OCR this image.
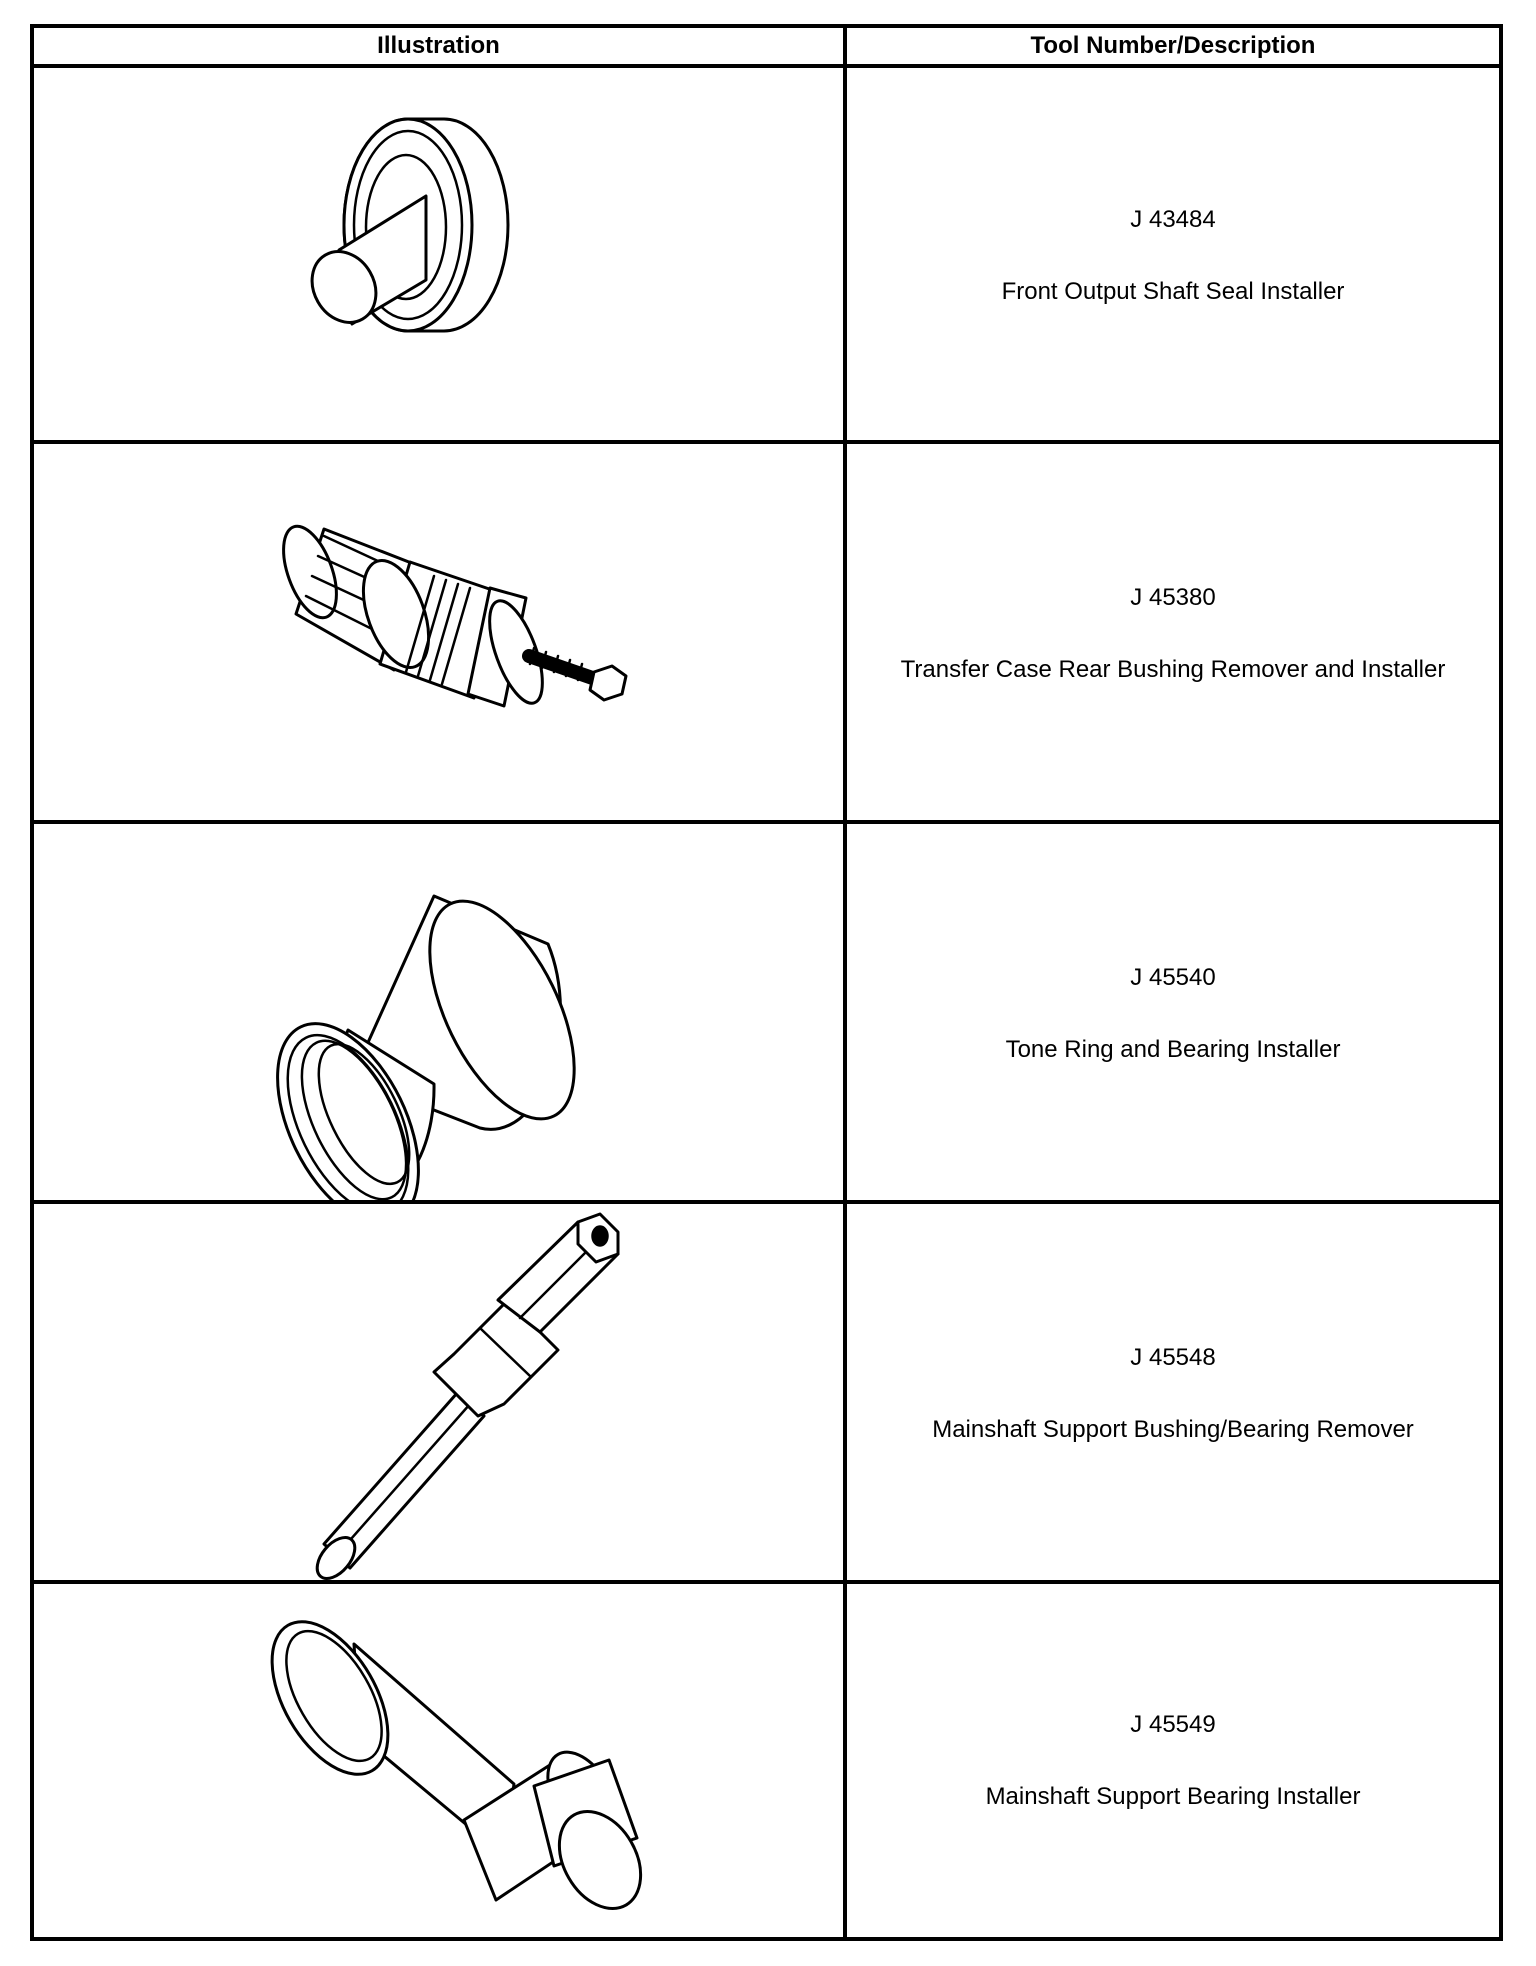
Illustration	Tool Number/Description
J 43484
Front Output Shaft Seal Installer
J 45380
Transfer Case Rear Bushing Remover and Installer
J 45540
Tone Ring and Bearing Installer
J 45548
Mainshaft Support Bushing/Bearing Remover
J 45549
Mainshaft Support Bearing Installer
